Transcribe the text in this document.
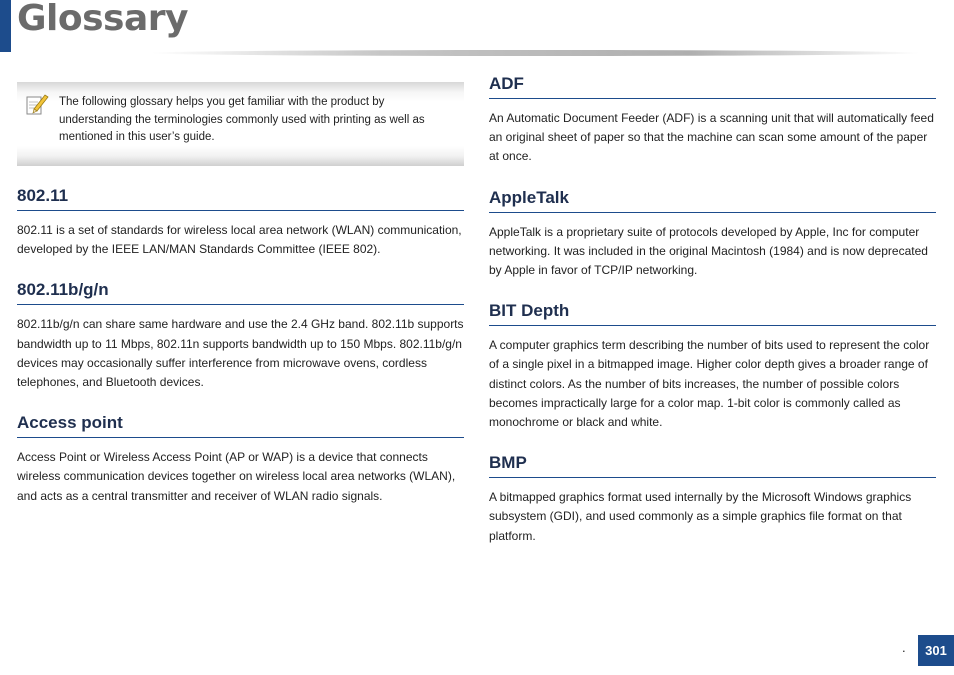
Glossary
The following glossary helps you get familiar with the product by understanding the terminologies commonly used with printing as well as mentioned in this user’s guide.
802.11

802.11 is a set of standards for wireless local area network (WLAN) communication, developed by the IEEE LAN/MAN Standards Committee (IEEE 802).

802.11b/g/n

802.11b/g/n can share same hardware and use the 2.4 GHz band. 802.11b supports bandwidth up to 11 Mbps, 802.11n supports bandwidth up to 150 Mbps. 802.11b/g/n devices may occasionally suffer interference from microwave ovens, cordless telephones, and Bluetooth devices.

Access point

Access Point or Wireless Access Point (AP or WAP) is a device that connects wireless communication devices together on wireless local area networks (WLAN), and acts as a central transmitter and receiver of WLAN radio signals.

ADF

An Automatic Document Feeder (ADF) is a scanning unit that will automatically feed an original sheet of paper so that the machine can scan some amount of the paper at once.

AppleTalk

AppleTalk is a proprietary suite of protocols developed by Apple, Inc for computer networking. It was included in the original Macintosh (1984) and is now deprecated by Apple in favor of TCP/IP networking.

BIT Depth

A computer graphics term describing the number of bits used to represent the color of a single pixel in a bitmapped image. Higher color depth gives a broader range of distinct colors. As the number of bits increases, the number of possible colors becomes impractically large for a color map. 1-bit color is commonly called as monochrome or black and white.

BMP

A bitmapped graphics format used internally by the Microsoft Windows graphics subsystem (GDI), and used commonly as a simple graphics file format on that platform.

.	301
